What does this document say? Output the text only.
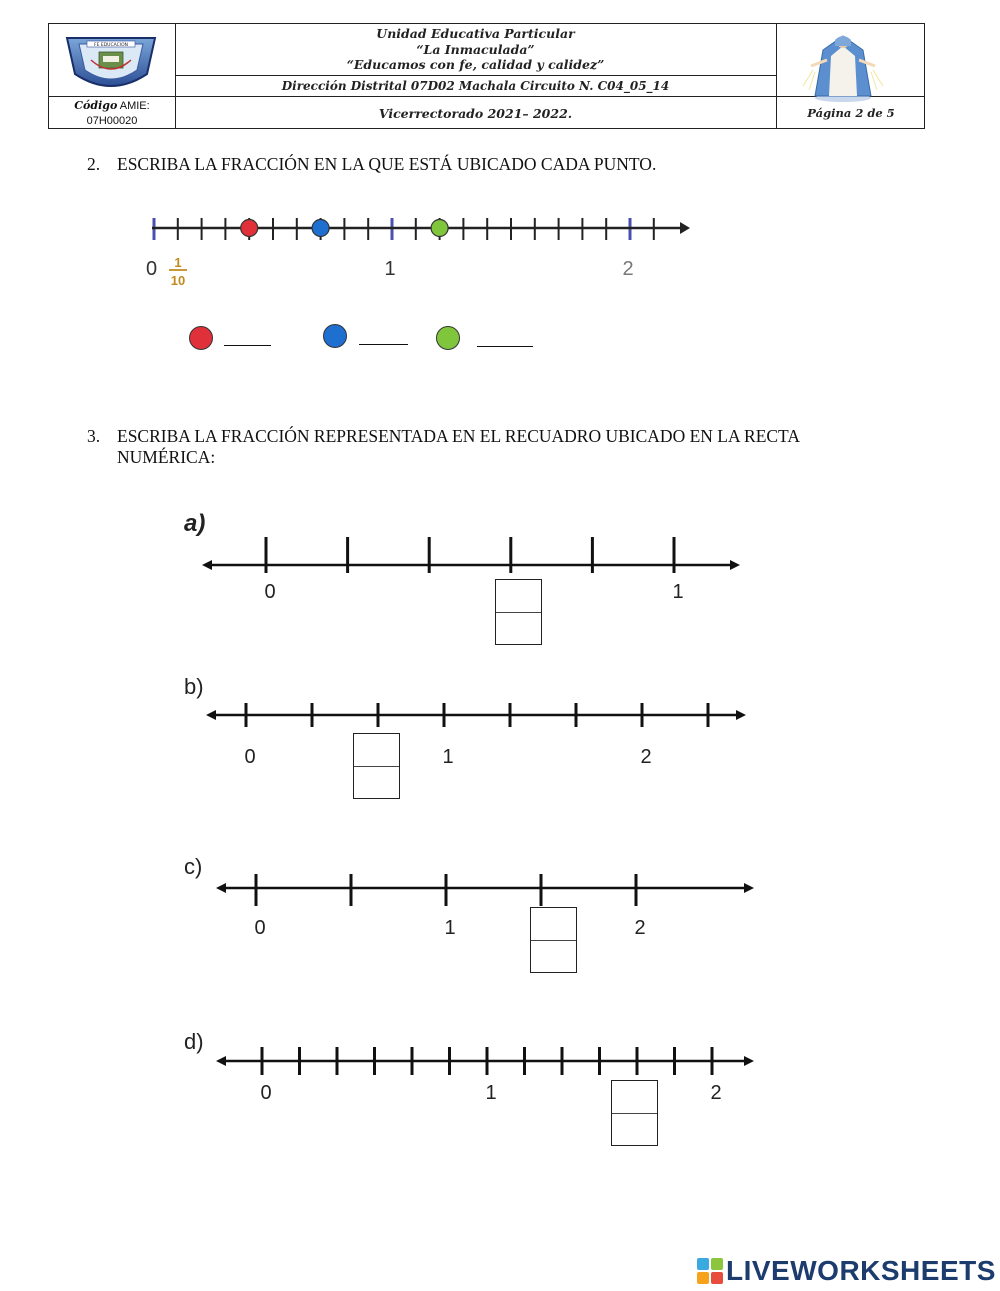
FE EDUCACION
Unidad Educativa Particular
“La Inmaculada”
“Educamos con fe, calidad y calidez”
Dirección Distrital 07D02 Machala Circuito N. C04_05_14
Vicerrectorado 2021– 2022.
Código AMIE:
07H00020
Página 2 de 5
2. ESCRIBA LA FRACCIÓN EN LA QUE ESTÁ UBICADO CADA PUNTO.
0 1
10
1	2
3. ESCRIBA LA FRACCIÓN REPRESENTADA EN EL RECUADRO UBICADO EN LA RECTA
NUMÉRICA:
a)
0	1
b)
0	1	2
c)
0	1	2
d)
0	1	2
LIVEWORKSHEETS
